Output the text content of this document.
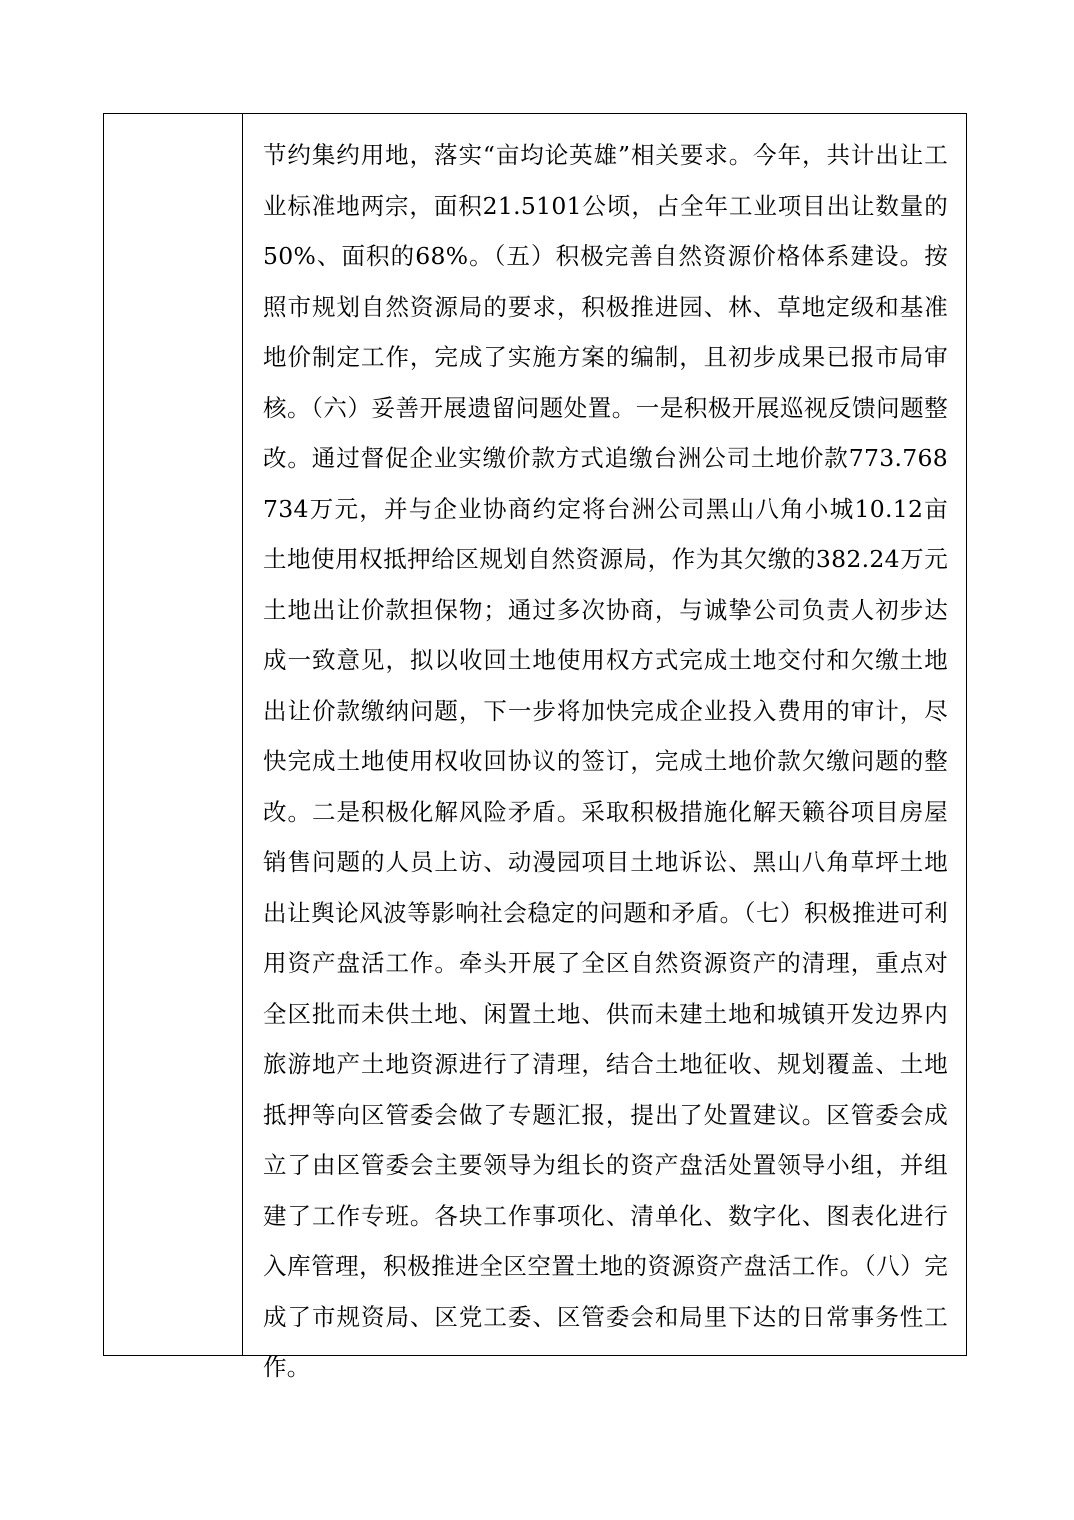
节约集约用地，落实“亩均论英雄”相关要求。今年，共计出让工业标准地两宗，面积21.5101公顷，占全年工业项目出让数量的50%、面积的68%。（五）积极完善自然资源价格体系建设。按照市规划自然资源局的要求，积极推进园、林、草地定级和基准地价制定工作，完成了实施方案的编制，且初步成果已报市局审核。（六）妥善开展遗留问题处置。一是积极开展巡视反馈问题整改。通过督促企业实缴价款方式追缴台洲公司土地价款773.768734万元，并与企业协商约定将台洲公司黑山八角小城10.12亩土地使用权抵押给区规划自然资源局，作为其欠缴的382.24万元土地出让价款担保物；通过多次协商，与诚挚公司负责人初步达成一致意见，拟以收回土地使用权方式完成土地交付和欠缴土地出让价款缴纳问题，下一步将加快完成企业投入费用的审计，尽快完成土地使用权收回协议的签订，完成土地价款欠缴问题的整改。二是积极化解风险矛盾。采取积极措施化解天籁谷项目房屋销售问题的人员上访、动漫园项目土地诉讼、黑山八角草坪土地出让舆论风波等影响社会稳定的问题和矛盾。（七）积极推进可利用资产盘活工作。牵头开展了全区自然资源资产的清理，重点对全区批而未供土地、闲置土地、供而未建土地和城镇开发边界内旅游地产土地资源进行了清理，结合土地征收、规划覆盖、土地抵押等向区管委会做了专题汇报，提出了处置建议。区管委会成立了由区管委会主要领导为组长的资产盘活处置领导小组，并组建了工作专班。各块工作事项化、清单化、数字化、图表化进行入库管理，积极推进全区空置土地的资源资产盘活工作。（八）完成了市规资局、区党工委、区管委会和局里下达的日常事务性工作。
